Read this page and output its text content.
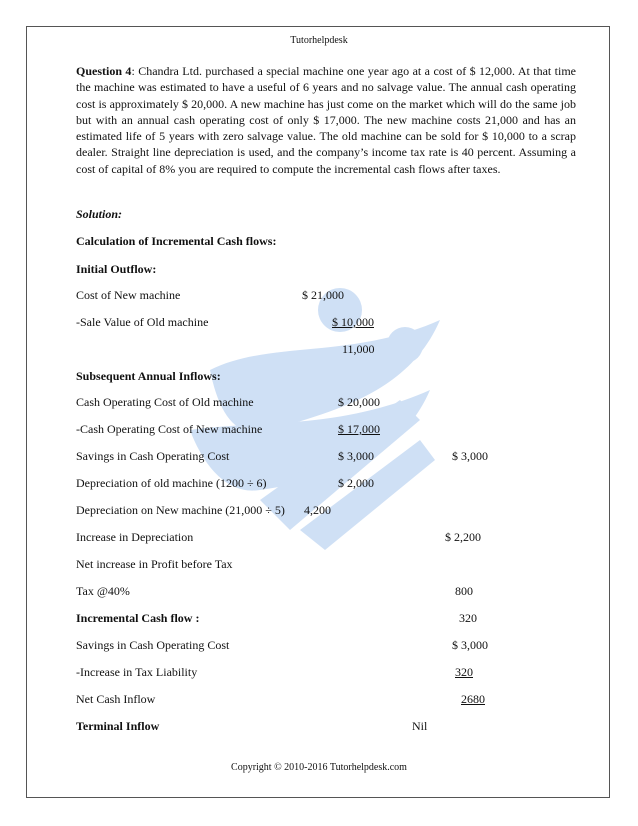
Tutorhelpdesk
Question 4: Chandra Ltd. purchased a special machine one year ago at a cost of $ 12,000. At that time the machine was estimated to have a useful of 6 years and no salvage value. The annual cash operating cost is approximately $ 20,000. A new machine has just come on the market which will do the same job but with an annual cash operating cost of only $ 17,000. The new machine costs 21,000 and has an estimated life of 5 years with zero salvage value. The old machine can be sold for $ 10,000 to a scrap dealer. Straight line depreciation is used, and the company’s income tax rate is 40 percent. Assuming a cost of capital of 8% you are required to compute the incremental cash flows after taxes.
Solution:
Calculation of Incremental Cash flows:
Initial Outflow:
Cost of New machine	$ 21,000
-Sale Value of Old machine	$ 10,000
11,000
Subsequent Annual Inflows:
Cash Operating Cost of Old machine	$ 20,000
-Cash Operating Cost of New machine	$ 17,000
Savings in Cash Operating Cost	$ 3,000	$ 3,000
Depreciation of old machine (1200 ÷ 6)	$ 2,000
Depreciation on New machine (21,000 ÷ 5) 4,200
Increase in Depreciation	$ 2,200
Net increase in Profit before Tax
Tax @40%	800
Incremental Cash flow :	320
Savings in Cash Operating Cost	$ 3,000
-Increase in Tax Liability	320
Net Cash Inflow	2680
Terminal Inflow	Nil
Copyright © 2010-2016 Tutorhelpdesk.com
